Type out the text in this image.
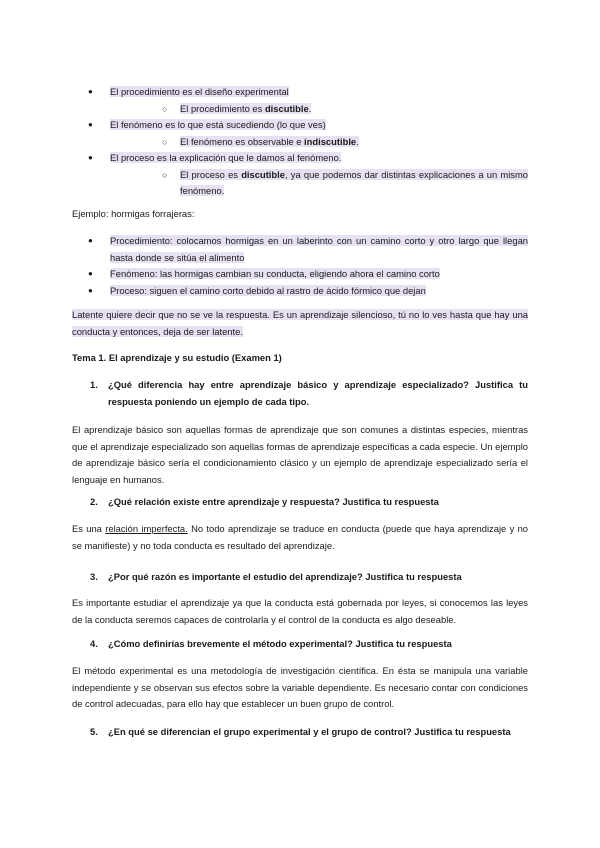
● El procedimiento es el diseño experimental
○ El procedimiento es discutible.
● El fenómeno es lo que está sucediendo (lo que ves)
○ El fenómeno es observable e indiscutible.
● El proceso es la explicación que le damos al fenómeno.
○ El proceso es discutible, ya que podemos dar distintas explicaciones a un mismo fenómeno.
Ejemplo: hormigas forrajeras:
● Procedimiento: colocamos hormigas en un laberinto con un camino corto y otro largo que llegan hasta donde se sitúa el alimento
● Fenómeno: las hormigas cambian su conducta, eligiendo ahora el camino corto
● Proceso: siguen el camino corto debido al rastro de ácido fórmico que dejan
Latente quiere decir que no se ve la respuesta. Es un aprendizaje silencioso, tú no lo ves hasta que hay una conducta y entonces, deja de ser latente.
Tema 1. El aprendizaje y su estudio (Examen 1)
1. ¿Qué diferencia hay entre aprendizaje básico y aprendizaje especializado? Justifica tu respuesta poniendo un ejemplo de cada tipo.
El aprendizaje básico son aquellas formas de aprendizaje que son comunes a distintas especies, mientras que el aprendizaje especializado son aquellas formas de aprendizaje específicas a cada especie. Un ejemplo de aprendizaje básico sería el condicionamiento clásico y un ejemplo de aprendizaje especializado sería el lenguaje en humanos.
2. ¿Qué relación existe entre aprendizaje y respuesta? Justifica tu respuesta
Es una relación imperfecta. No todo aprendizaje se traduce en conducta (puede que haya aprendizaje y no se manifieste) y no toda conducta es resultado del aprendizaje.
3. ¿Por qué razón es importante el estudio del aprendizaje? Justifica tu respuesta
Es importante estudiar el aprendizaje ya que la conducta está gobernada por leyes, si conocemos las leyes de la conducta seremos capaces de controlarla y el control de la conducta es algo deseable.
4. ¿Cómo definirías brevemente el método experimental? Justifica tu respuesta
El método experimental es una metodología de investigación científica. En ésta se manipula una variable independiente y se observan sus efectos sobre la variable dependiente. Es necesario contar con condiciones de control adecuadas, para ello hay que establecer un buen grupo de control.
5. ¿En qué se diferencian el grupo experimental y el grupo de control? Justifica tu respuesta
